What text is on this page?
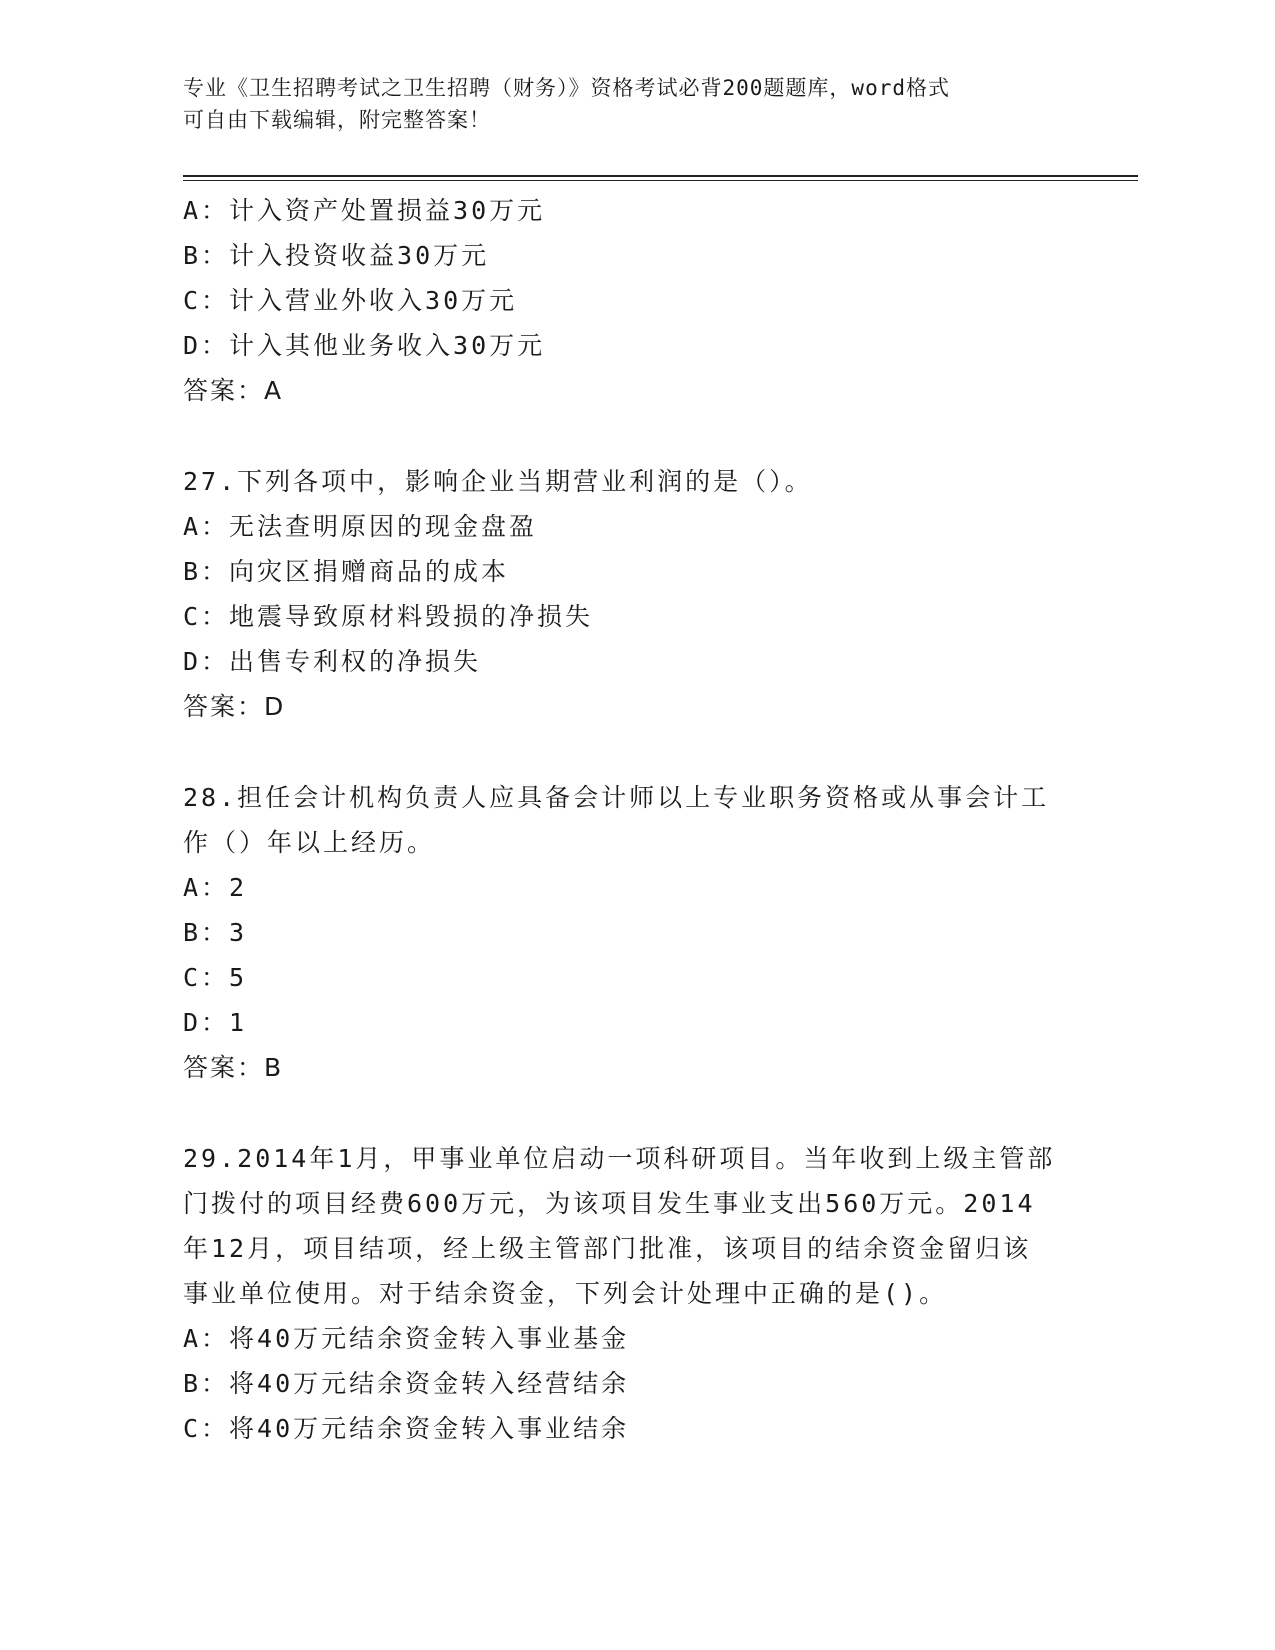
专业《卫生招聘考试之卫生招聘（财务）》资格考试必背200题题库，word格式
可自由下载编辑，附完整答案！
A：计入资产处置损益30万元
B：计入投资收益30万元
C：计入营业外收入30万元
D：计入其他业务收入30万元
答案：A
27.下列各项中，影响企业当期营业利润的是（）。
A：无法查明原因的现金盘盈
B：向灾区捐赠商品的成本
C：地震导致原材料毁损的净损失
D：出售专利权的净损失
答案：D
28.担任会计机构负责人应具备会计师以上专业职务资格或从事会计工
作（）年以上经历。
A：2
B：3
C：5
D：1
答案：B
29.2014年1月，甲事业单位启动一项科研项目。当年收到上级主管部
门拨付的项目经费600万元，为该项目发生事业支出560万元。2014
年12月，项目结项，经上级主管部门批准，该项目的结余资金留归该
事业单位使用。对于结余资金，下列会计处理中正确的是()。
A：将40万元结余资金转入事业基金
B：将40万元结余资金转入经营结余
C：将40万元结余资金转入事业结余
